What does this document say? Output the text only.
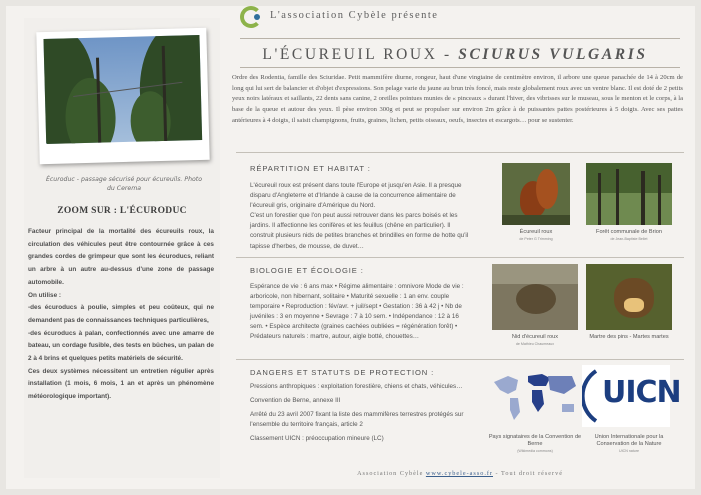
Écuroduc - passage sécurisé pour écureuils. Photo du Cerema
ZOOM SUR : L'ÉCURODUC

Facteur principal de la mortalité des écureuils roux, la circulation des véhicules peut être contournée grâce à ces grandes cordes de grimpeur que sont les écuroducs, reliant un arbre à un autre au-dessus d'une zone de passage automobile.

On utilise :

-des écuroducs à poulie, simples et peu coûteux, qui ne demandent pas de connaissances techniques particulières,

-des écuroducs à palan, confectionnés avec une amarre de bateau, un cordage fusible, des tests en bûches, un palan de 2 à 4 brins et quelques petits matériels de sécurité.

Ces deux systèmes nécessitent un entretien régulier après installation (1 mois, 6 mois, 1 an et après un phénomène météorologique important).

L'association Cybèle présente
L'ÉCUREUIL ROUX - SCIURUS VULGARIS
Ordre des Rodentia, famille des Sciuridae. Petit mammifère diurne, rongeur, haut d'une vingtaine de centimètre environ, il arbore une queue panachée de 14 à 20cm de long qui lui sert de balancier et d'objet d'expressions. Son pelage varie du jaune au brun très foncé, mais reste globalement roux avec un ventre blanc. Il est doté de 2 petits yeux noirs latéraux et saillants, 22 dents sans canine, 2 oreilles pointues munies de « pinceaux » durant l'hiver, des vibrisses sur le museau, sous le menton et le corps, à la base de la queue et autour des yeux. Il pèse environ 300g et peut se propulser sur environ 2m grâce à de puissantes pattes postérieures à 5 doigts. Avec ses pattes antérieures à 4 doigts, il saisit champignons, fruits, graines, lichen, petits oiseaux, oeufs, insectes et escargots… pour se sustenter.
RÉPARTITION ET HABITAT :
L'écureuil roux est présent dans toute l'Europe et jusqu'en Asie. Il a presque disparu d'Angleterre et d'Irlande à cause de la concurrence alimentaire de l'écureuil gris, originaire d'Amérique du Nord.
C'est un forestier que l'on peut aussi retrouver dans les parcs boisés et les jardins. Il affectionne les conifères et les feuillus (chêne en particulier). Il construit plusieurs nids de petites branches et brindilles en forme de hotte qu'il tapisse d'herbes, de mousse, de duvet…
Écureuil roux
de Peter G Trimming
Forêt communale de Brion
de Jean-Baptiste Bellet
BIOLOGIE ET ÉCOLOGIE :
Espérance de vie : 6 ans max • Régime alimentaire : omnivore Mode de vie : arboricole, non hibernant, solitaire • Maturité sexuelle : 1 an env. couple temporaire • Reproduction : fév/avr. + juil/sept • Gestation : 36 à 42 j • Nb de juvéniles : 3 en moyenne • Sevrage : 7 à 10 sem. • Indépendance : 12 à 16 sem. • Espèce architecte (graines cachées oubliées = régénération forêt) • Prédateurs naturels : martre, autour, aigle botté, chouettes…	Nid d'écureuil roux
de Mathieu Chaumeaux
Martre des pins - Martes martes
DANGERS ET STATUTS DE PROTECTION :
Pressions anthropiques : exploitation forestière, chiens et chats, véhicules…
Convention de Berne, annexe III
Arrêté du 23 avril 2007 fixant la liste des mammifères terrestres protégés sur l'ensemble du territoire français, article 2
Classement UICN : préoccupation mineure (LC)	Pays signataires de la Convention de Berne
(Wikimedia commons)
Union Internationale pour la Conservation de la Nature
UICN nature
UICN
Association Cybèle www.cybele-asso.fr - Tout droit réservé
